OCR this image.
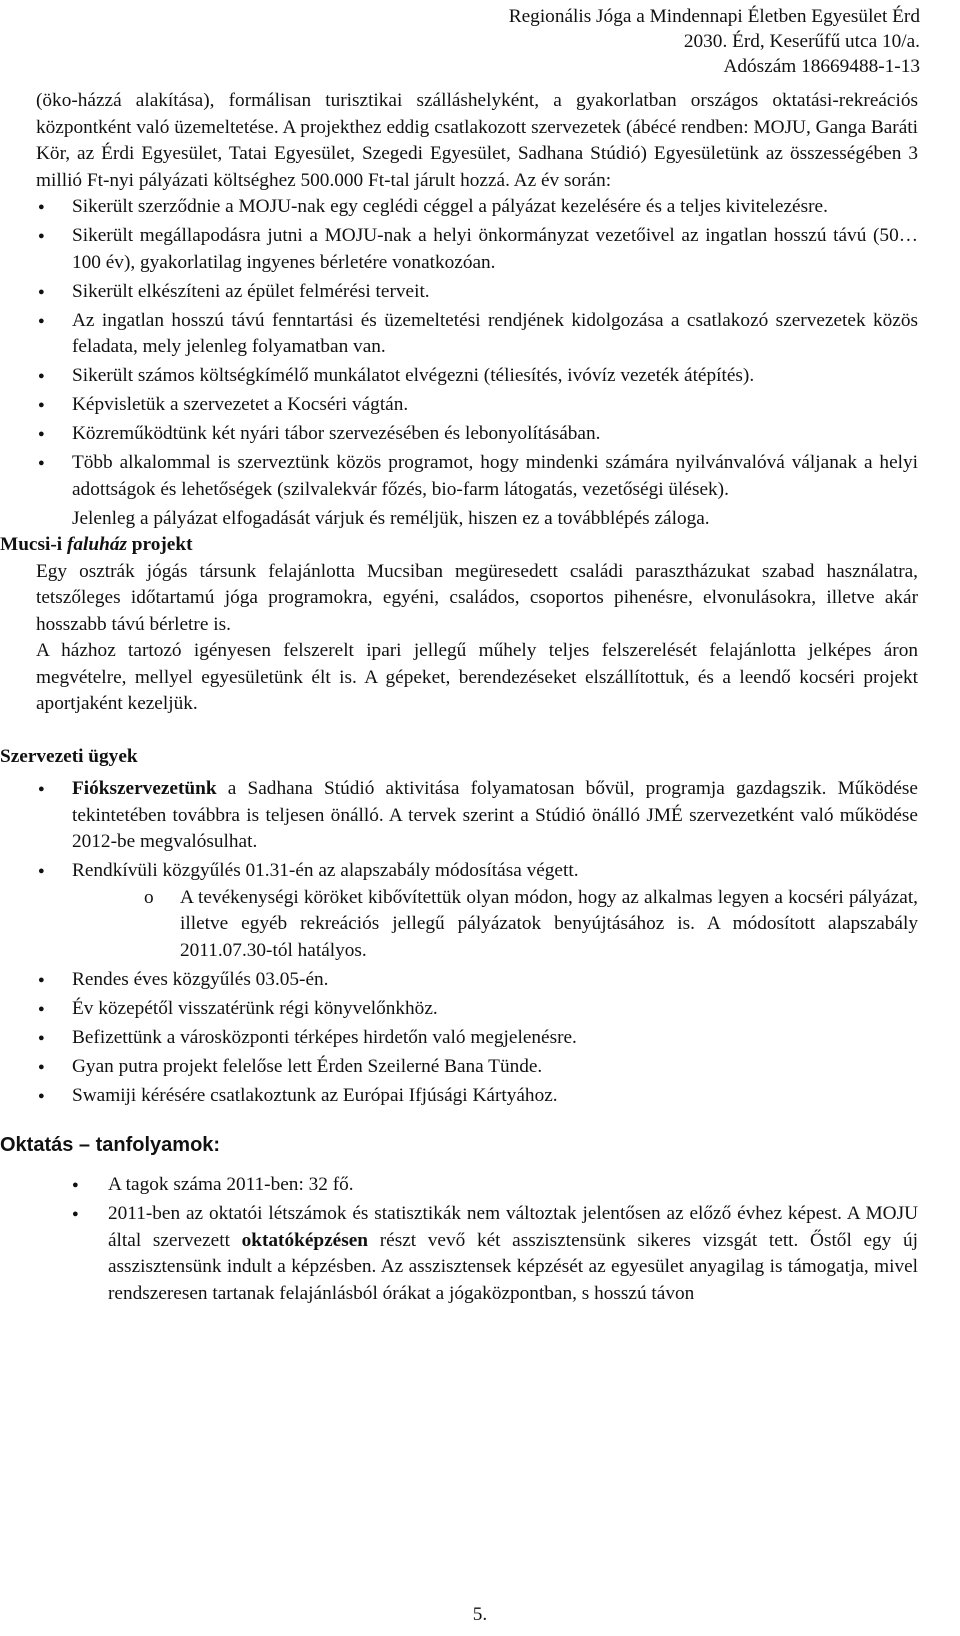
Regionális Jóga a Mindennapi Életben Egyesület Érd
2030. Érd, Keserűfű utca 10/a.
Adószám 18669488-1-13

(öko-házzá alakítása), formálisan turisztikai szálláshelyként, a gyakorlatban országos oktatási-rekreációs központként való üzemeltetése. A projekthez eddig csatlakozott szervezetek (ábécé rendben: MOJU, Ganga Baráti Kör, az Érdi Egyesület, Tatai Egyesület, Szegedi Egyesület, Sadhana Stúdió) Egyesületünk az összességében 3 millió Ft-nyi pályázati költséghez 500.000 Ft-tal járult hozzá. Az év során:

● Sikerült szerződnie a MOJU-nak egy ceglédi céggel a pályázat kezelésére és a teljes kivitelezésre.
● Sikerült megállapodásra jutni a MOJU-nak a helyi önkormányzat vezetőivel az ingatlan hosszú távú (50…100 év), gyakorlatilag ingyenes bérletére vonatkozóan.
● Sikerült elkészíteni az épület felmérési terveit.
● Az ingatlan hosszú távú fenntartási és üzemeltetési rendjének kidolgozása a csatlakozó szervezetek közös feladata, mely jelenleg folyamatban van.
● Sikerült számos költségkímélő munkálatot elvégezni (téliesítés, ivóvíz vezeték átépítés).
● Képvisletük a szervezetet a Kocséri vágtán.
● Közreműködtünk két nyári tábor szervezésében és lebonyolításában.
● Több alkalommal is szerveztünk közös programot, hogy mindenki számára nyilvánvalóvá váljanak a helyi adottságok és lehetőségek (szilvalekvár főzés, bio-farm látogatás, vezetőségi ülések).

Jelenleg a pályázat elfogadását várjuk és reméljük, hiszen ez a továbblépés záloga.

Mucsi-i faluház projekt

Egy osztrák jógás társunk felajánlotta Mucsiban megüresedett családi parasztházukat szabad használatra, tetszőleges időtartamú jóga programokra, egyéni, családos, csoportos pihenésre, elvonulásokra, illetve akár hosszabb távú bérletre is.

A házhoz tartozó igényesen felszerelt ipari jellegű műhely teljes felszerelését felajánlotta jelképes áron megvételre, mellyel egyesületünk élt is. A gépeket, berendezéseket elszállítottuk, és a leendő kocséri projekt aportjaként kezeljük.

Szervezeti ügyek
● Fiókszervezetünk a Sadhana Stúdió aktivitása folyamatosan bővül, programja gazdagszik. Működése tekintetében továbbra is teljesen önálló. A tervek szerint a Stúdió önálló JMÉ szervezetként való működése 2012-be megvalósulhat.
● Rendkívüli közgyűlés 01.31-én az alapszabály módosítása végett.
o A tevékenységi köröket kibővítettük olyan módon, hogy az alkalmas legyen a kocséri pályázat, illetve egyéb rekreációs jellegű pályázatok benyújtásához is. A módosított alapszabály 2011.07.30-tól hatályos.
● Rendes éves közgyűlés 03.05-én.
● Év közepétől visszatérünk régi könyvelőnkhöz.
● Befizettünk a városközponti térképes hirdetőn való megjelenésre.
● Gyan putra projekt felelőse lett Érden Szeilerné Bana Tünde.
● Swamiji kérésére csatlakoztunk az Európai Ifjúsági Kártyához.
Oktatás – tanfolyamok:
● A tagok száma 2011-ben: 32 fő.
● 2011-ben az oktatói létszámok és statisztikák nem változtak jelentősen az előző évhez képest. A MOJU által szervezett oktatóképzésen részt vevő két asszisztensünk sikeres vizsgát tett. Őstől egy új asszisztensünk indult a képzésben. Az asszisztensek képzését az egyesület anyagilag is támogatja, mivel rendszeresen tartanak felajánlásból órákat a jógaközpontban, s hosszú távon
5.
